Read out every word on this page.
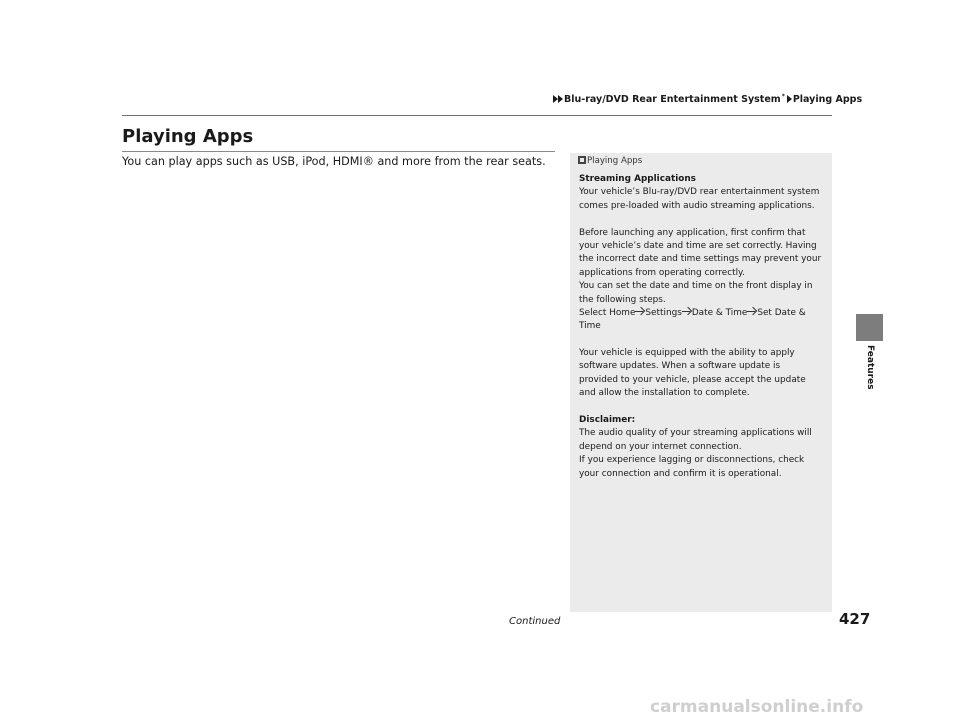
Blu-ray/DVD Rear Entertainment System* Playing Apps
Playing Apps
You can play apps such as USB, iPod, HDMI® and more from the rear seats.	Playing Apps
Streaming Applications
Your vehicle’s Blu-ray/DVD rear entertainment system
comes pre-loaded with audio streaming applications.
Before launching any application, first confirm that
your vehicle’s date and time are set correctly. Having
the incorrect date and time settings may prevent your
applications from operating correctly.
You can set the date and time on the front display in
the following steps.
Select Home Settings Date & Time Set Date &
Time
Your vehicle is equipped with the ability to apply
software updates. When a software update is
provided to your vehicle, please accept the update
and allow the installation to complete.
Disclaimer:
The audio quality of your streaming applications will
depend on your internet connection.
If you experience lagging or disconnections, check
your connection and confirm it is operational.
Features
Continued	427
carmanualsonline.info
